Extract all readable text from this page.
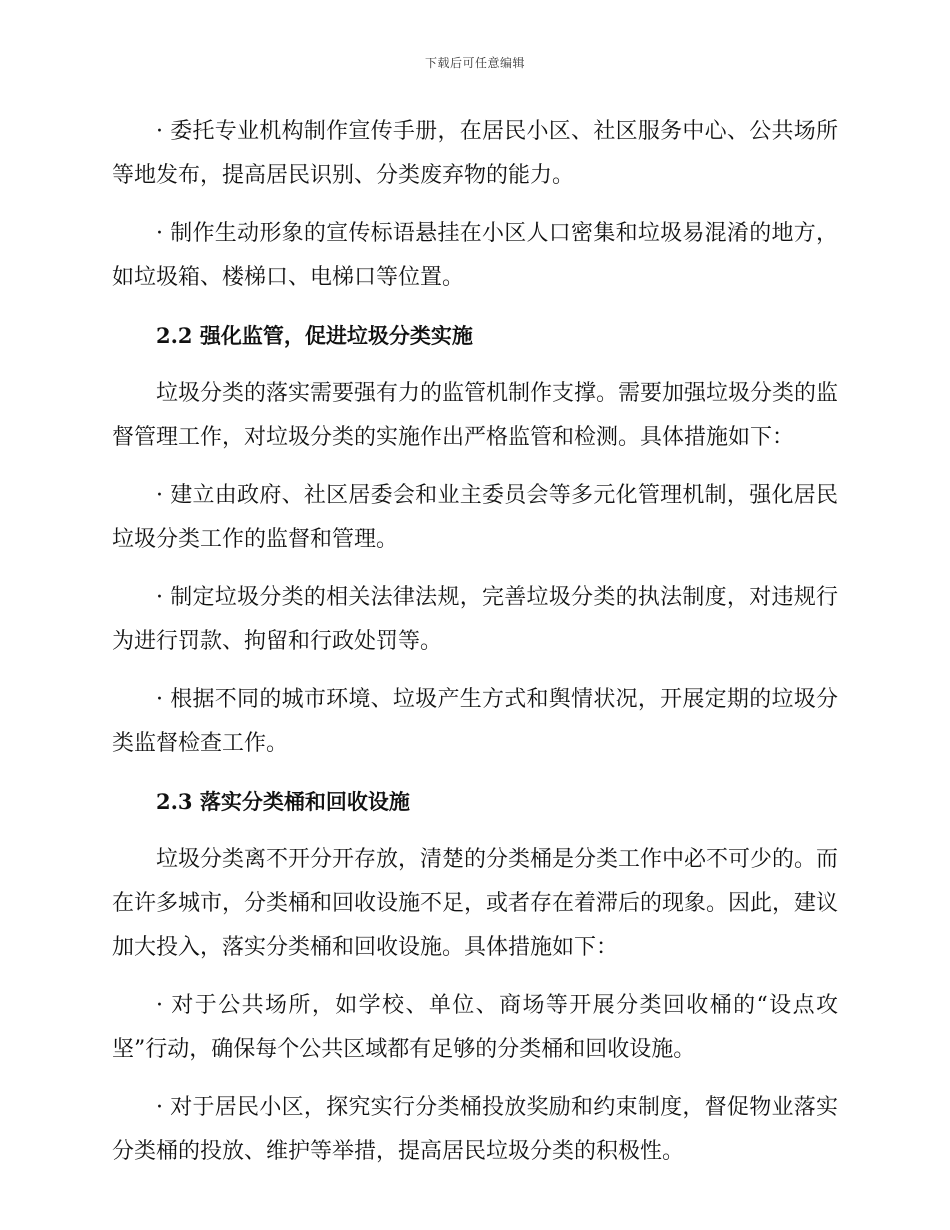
下载后可任意编辑

· 委托专业机构制作宣传手册，在居民小区、社区服务中心、公共场所等地发布，提高居民识别、分类废弃物的能力。

· 制作生动形象的宣传标语悬挂在小区人口密集和垃圾易混淆的地方，如垃圾箱、楼梯口、电梯口等位置。

2.2 强化监管，促进垃圾分类实施

垃圾分类的落实需要强有力的监管机制作支撑。需要加强垃圾分类的监督管理工作，对垃圾分类的实施作出严格监管和检测。具体措施如下：

· 建立由政府、社区居委会和业主委员会等多元化管理机制，强化居民垃圾分类工作的监督和管理。

· 制定垃圾分类的相关法律法规，完善垃圾分类的执法制度，对违规行为进行罚款、拘留和行政处罚等。

· 根据不同的城市环境、垃圾产生方式和舆情状况，开展定期的垃圾分类监督检查工作。

2.3 落实分类桶和回收设施

垃圾分类离不开分开存放，清楚的分类桶是分类工作中必不可少的。而在许多城市，分类桶和回收设施不足，或者存在着滞后的现象。因此，建议加大投入，落实分类桶和回收设施。具体措施如下：

· 对于公共场所，如学校、单位、商场等开展分类回收桶的“设点攻坚”行动，确保每个公共区域都有足够的分类桶和回收设施。

· 对于居民小区，探究实行分类桶投放奖励和约束制度，督促物业落实分类桶的投放、维护等举措，提高居民垃圾分类的积极性。
